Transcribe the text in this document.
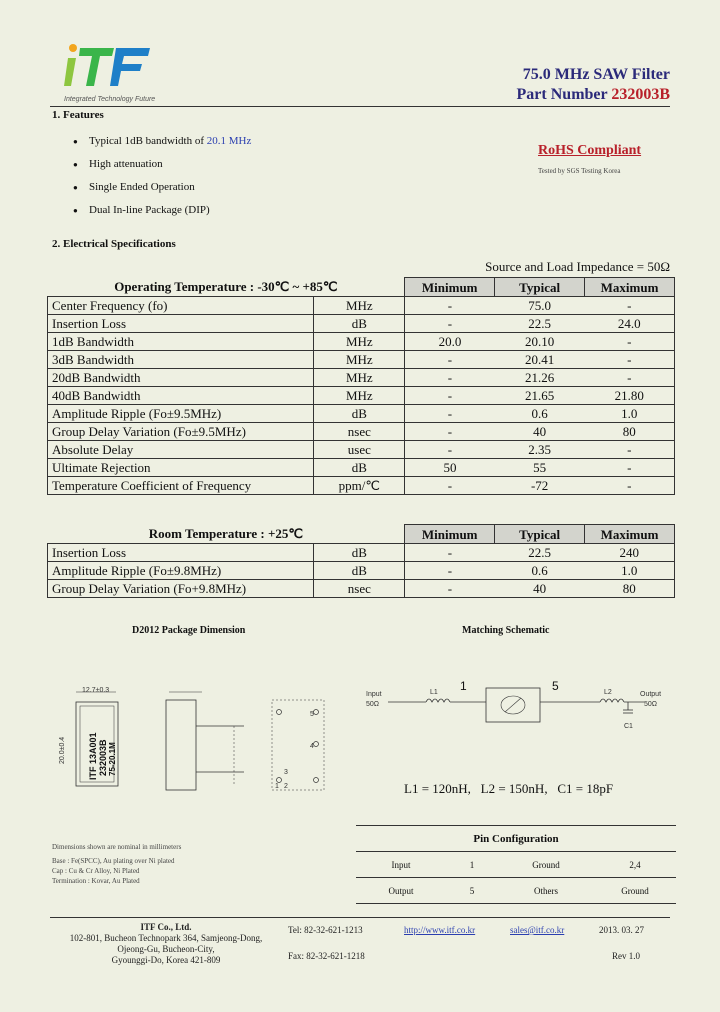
Integrated Technology Future
75.0 MHz SAW Filter
Part Number 232003B
1. Features
● Typical 1dB bandwidth of 20.1 MHz
● High attenuation
● Single Ended Operation
● Dual In-line Package (DIP)
RoHS Compliant
Tested by SGS Testing Korea
2. Electrical Specifications
Source and Load Impedance = 50Ω
Operating Temperature : -30℃ ~ +85℃		Minimum	Typical	Maximum
Center Frequency (fo)	MHz	-	75.0	-
Insertion Loss	dB	-	22.5	24.0
1dB Bandwidth	MHz	20.0	20.10	-
3dB Bandwidth	MHz	-	20.41	-
20dB Bandwidth	MHz	-	21.26	-
40dB Bandwidth	MHz	-	21.65	21.80
Amplitude Ripple (Fo±9.5MHz)	dB	-	0.6	1.0
Group Delay Variation (Fo±9.5MHz)	nsec	-	40	80
Absolute Delay	usec	-	2.35	-
Ultimate Rejection	dB	50	55	-
Temperature Coefficient of Frequency	ppm/℃	-	-72	-
Room Temperature : +25℃		Minimum	Typical	Maximum
Insertion Loss	dB	-	22.5	240
Amplitude Ripple (Fo±9.8MHz)	dB	-	0.6	1.0
Group Delay Variation (Fo+9.8MHz)	nsec	-	40	80
D2012 Package Dimension
12.7±0.3
20.0±0.4 ITF 13A001 232003B 75-20.1M
1 2
3
4
5
Dimensions shown are nominal in millimeters
Base : Fe(SPCC), Au plating over Ni plated
Cap : Cu & Cr Alloy, Ni Plated
Termination : Kovar, Au Plated
Matching Schematic
Input
50Ω
L1 1	5	L2
C1
Output
50Ω
L1 = 120nH,   L2 = 150nH,   C1 = 18pF
Pin Configuration			
Input	1	Ground	2,4
Output	5	Others	Ground
ITF Co., Ltd.
102-801, Bucheon Technopark 364, Samjeong-Dong,
Ojeong-Gu, Bucheon-City,
Gyounggi-Do, Korea 421-809
Tel: 82-32-621-1213
Fax: 82-32-621-1218
http://www.itf.co.kr	sales@itf.co.kr	2013. 03. 27
Rev 1.0
